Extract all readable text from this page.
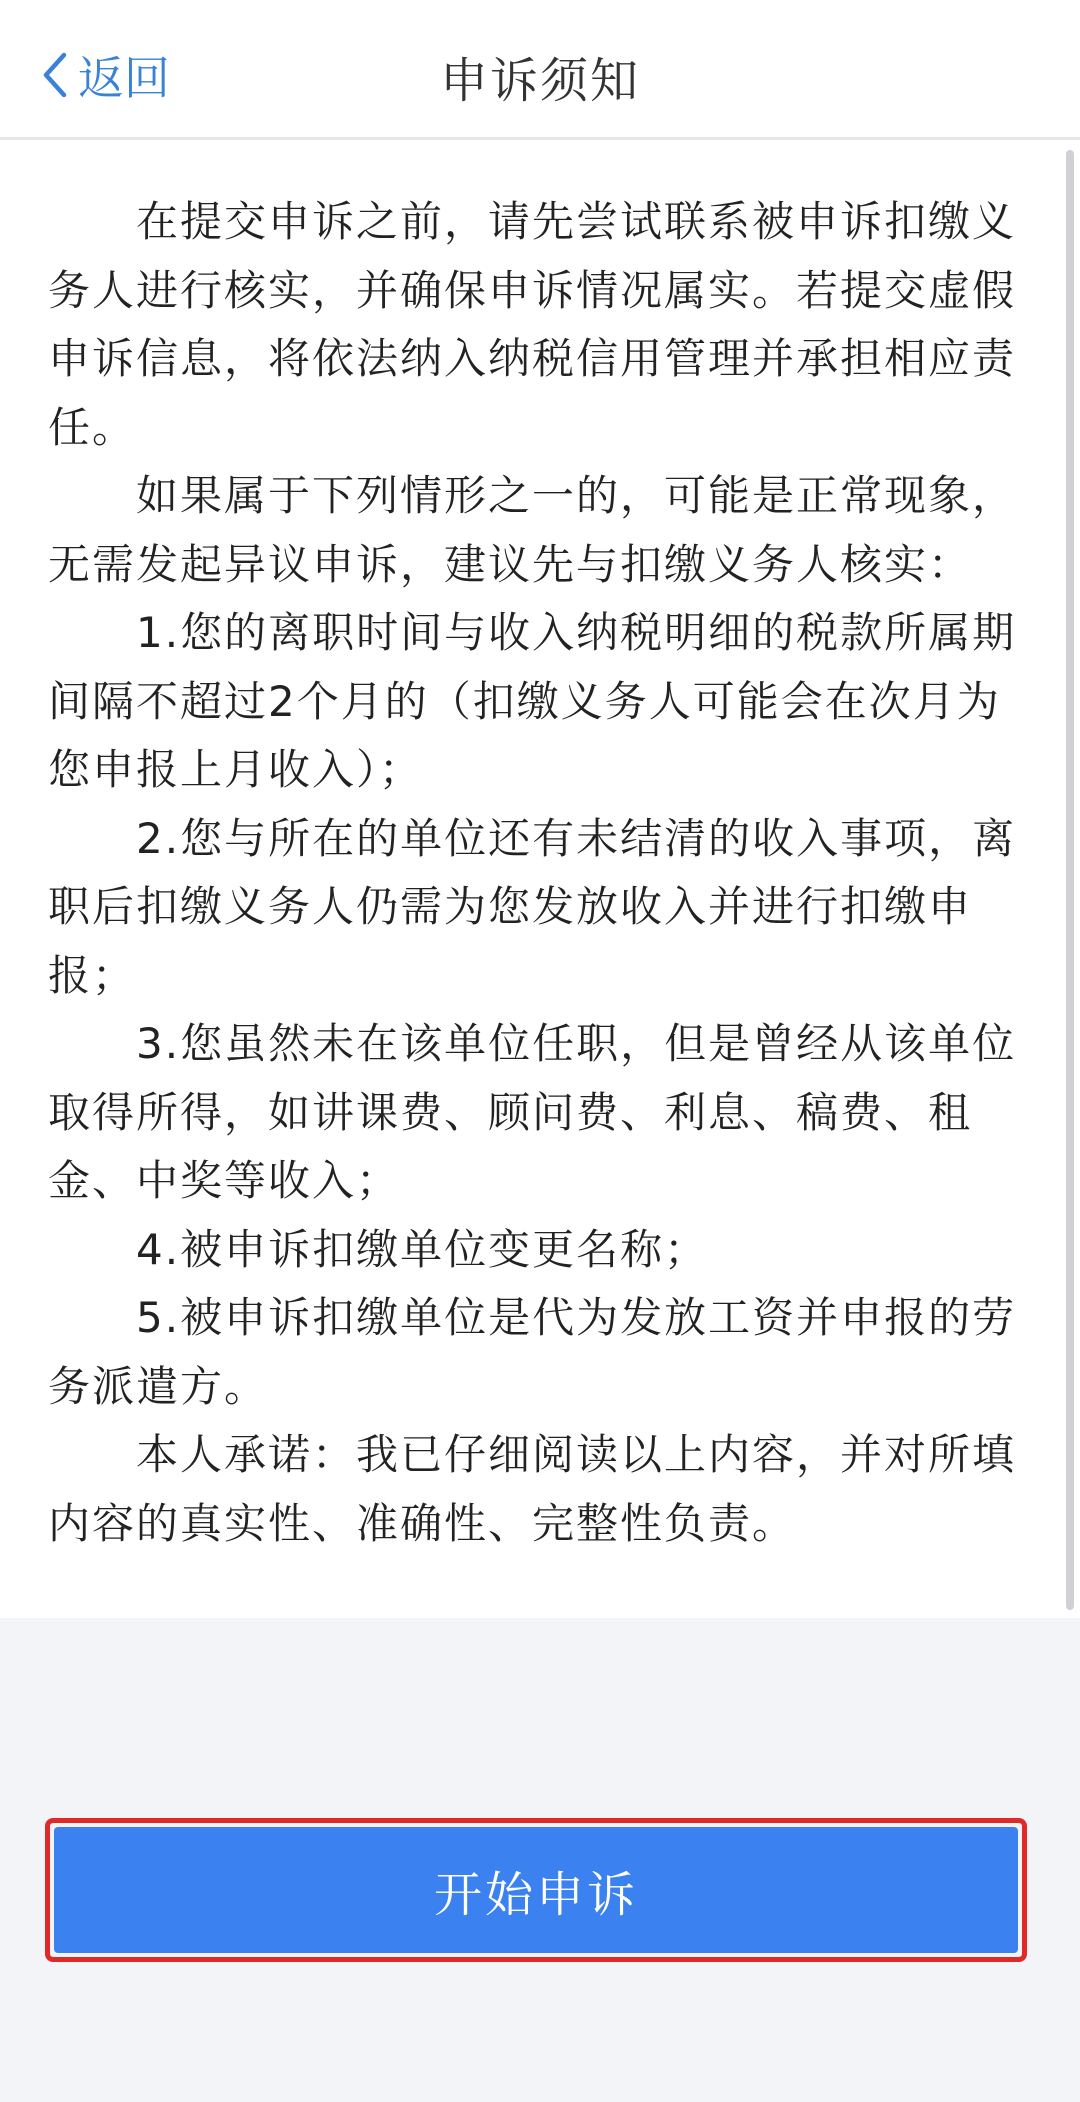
返回	申诉须知

在提交申诉之前，请先尝试联系被申诉扣缴义务人进行核实，并确保申诉情况属实。若提交虚假申诉信息，将依法纳入纳税信用管理并承担相应责任。

如果属于下列情形之一的，可能是正常现象，无需发起异议申诉，建议先与扣缴义务人核实：

1.您的离职时间与收入纳税明细的税款所属期间隔不超过2个月的（扣缴义务人可能会在次月为您申报上月收入）；

2.您与所在的单位还有未结清的收入事项，离职后扣缴义务人仍需为您发放收入并进行扣缴申报；

3.您虽然未在该单位任职，但是曾经从该单位取得所得，如讲课费、顾问费、利息、稿费、租金、中奖等收入；

4.被申诉扣缴单位变更名称；

5.被申诉扣缴单位是代为发放工资并申报的劳务派遣方。

本人承诺：我已仔细阅读以上内容，并对所填内容的真实性、准确性、完整性负责。

开始申诉
